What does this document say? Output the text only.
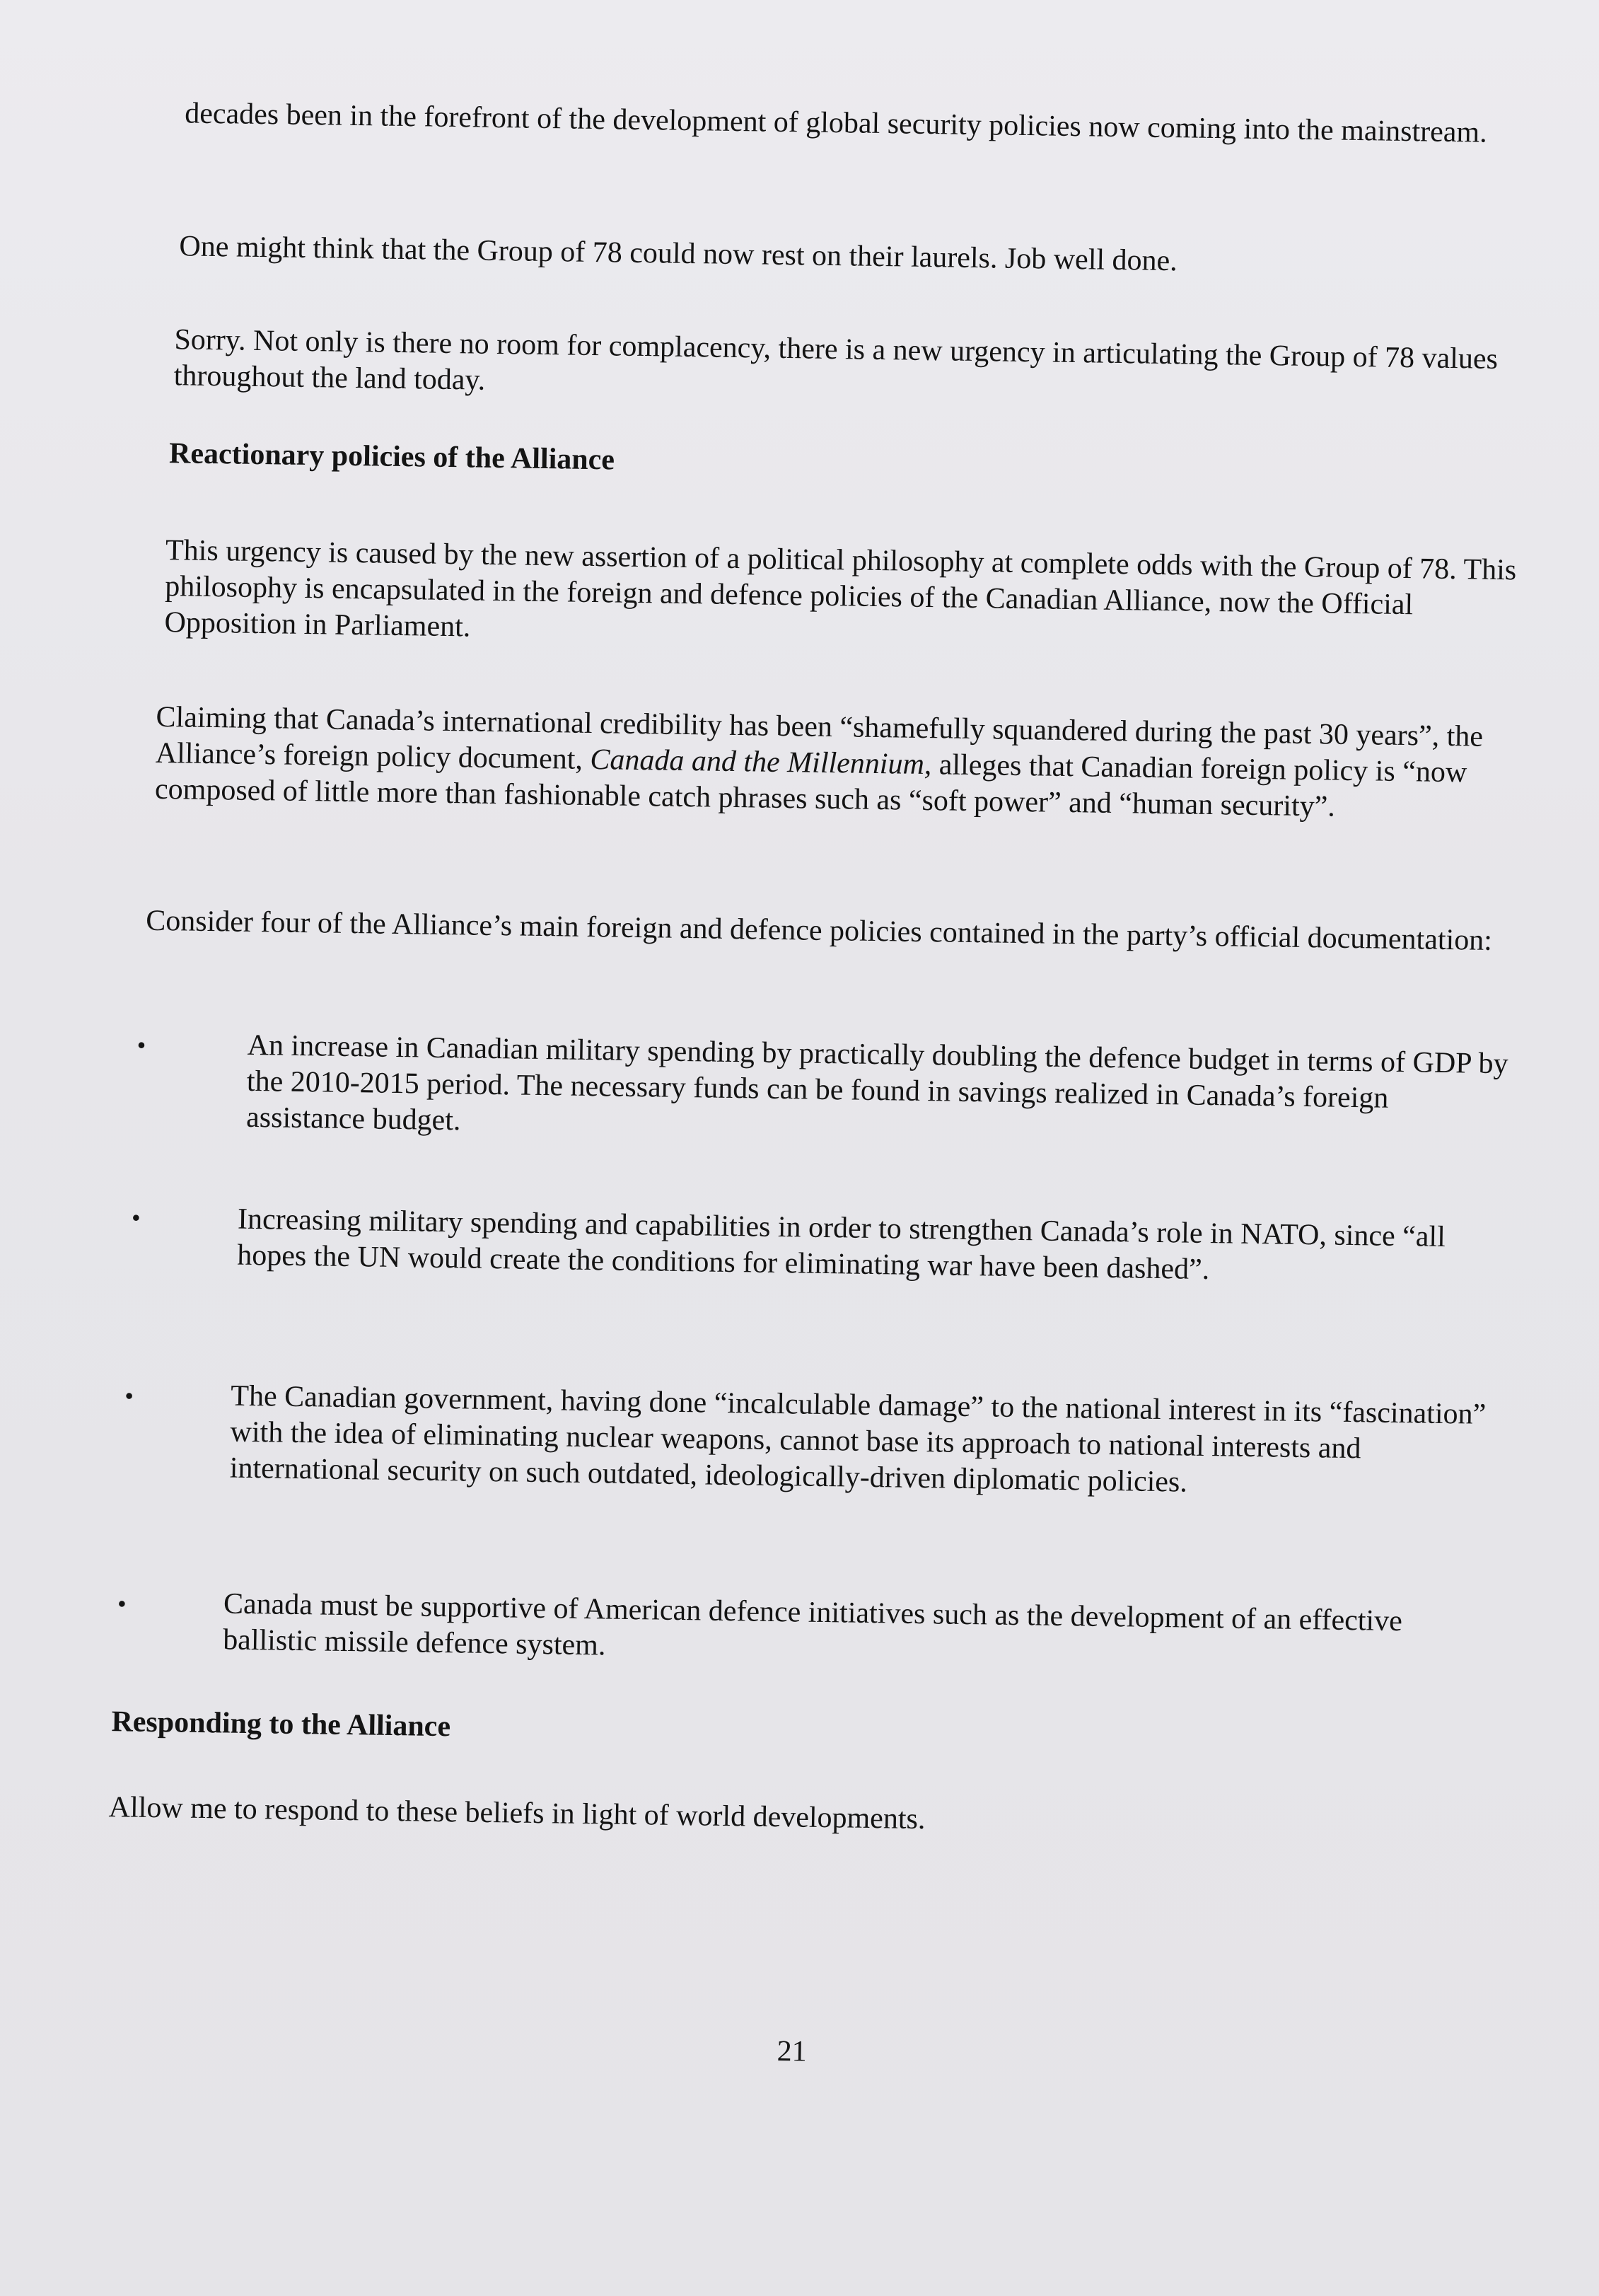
decades been in the forefront of the development of global security policies now coming into the mainstream.

One might think that the Group of 78 could now rest on their laurels. Job well done.

Sorry. Not only is there no room for complacency, there is a new urgency in articulating the Group of 78 values throughout the land today.

Reactionary policies of the Alliance

This urgency is caused by the new assertion of a political philosophy at complete odds with the Group of 78. This philosophy is encapsulated in the foreign and defence policies of the Canadian Alliance, now the Official Opposition in Parliament.

Claiming that Canada’s international credibility has been “shamefully squandered during the past 30 years”, the Alliance’s foreign policy document, Canada and the Millennium, alleges that Canadian foreign policy is “now composed of little more than fashionable catch phrases such as “soft power” and “human security”.

Consider four of the Alliance’s main foreign and defence policies contained in the party’s official documentation:

•	An increase in Canadian military spending by practically doubling the defence budget in terms of GDP by the 2010-2015 period. The necessary funds can be found in savings realized in Canada’s foreign assistance budget.

•	Increasing military spending and capabilities in order to strengthen Canada’s role in NATO, since “all hopes the UN would create the conditions for eliminating war have been dashed”.

•	The Canadian government, having done “incalculable damage” to the national interest in its “fascination” with the idea of eliminating nuclear weapons, cannot base its approach to national interests and international security on such outdated, ideologically-driven diplomatic policies.

•	Canada must be supportive of American defence initiatives such as the development of an effective ballistic missile defence system.

Responding to the Alliance

Allow me to respond to these beliefs in light of world developments.

21
